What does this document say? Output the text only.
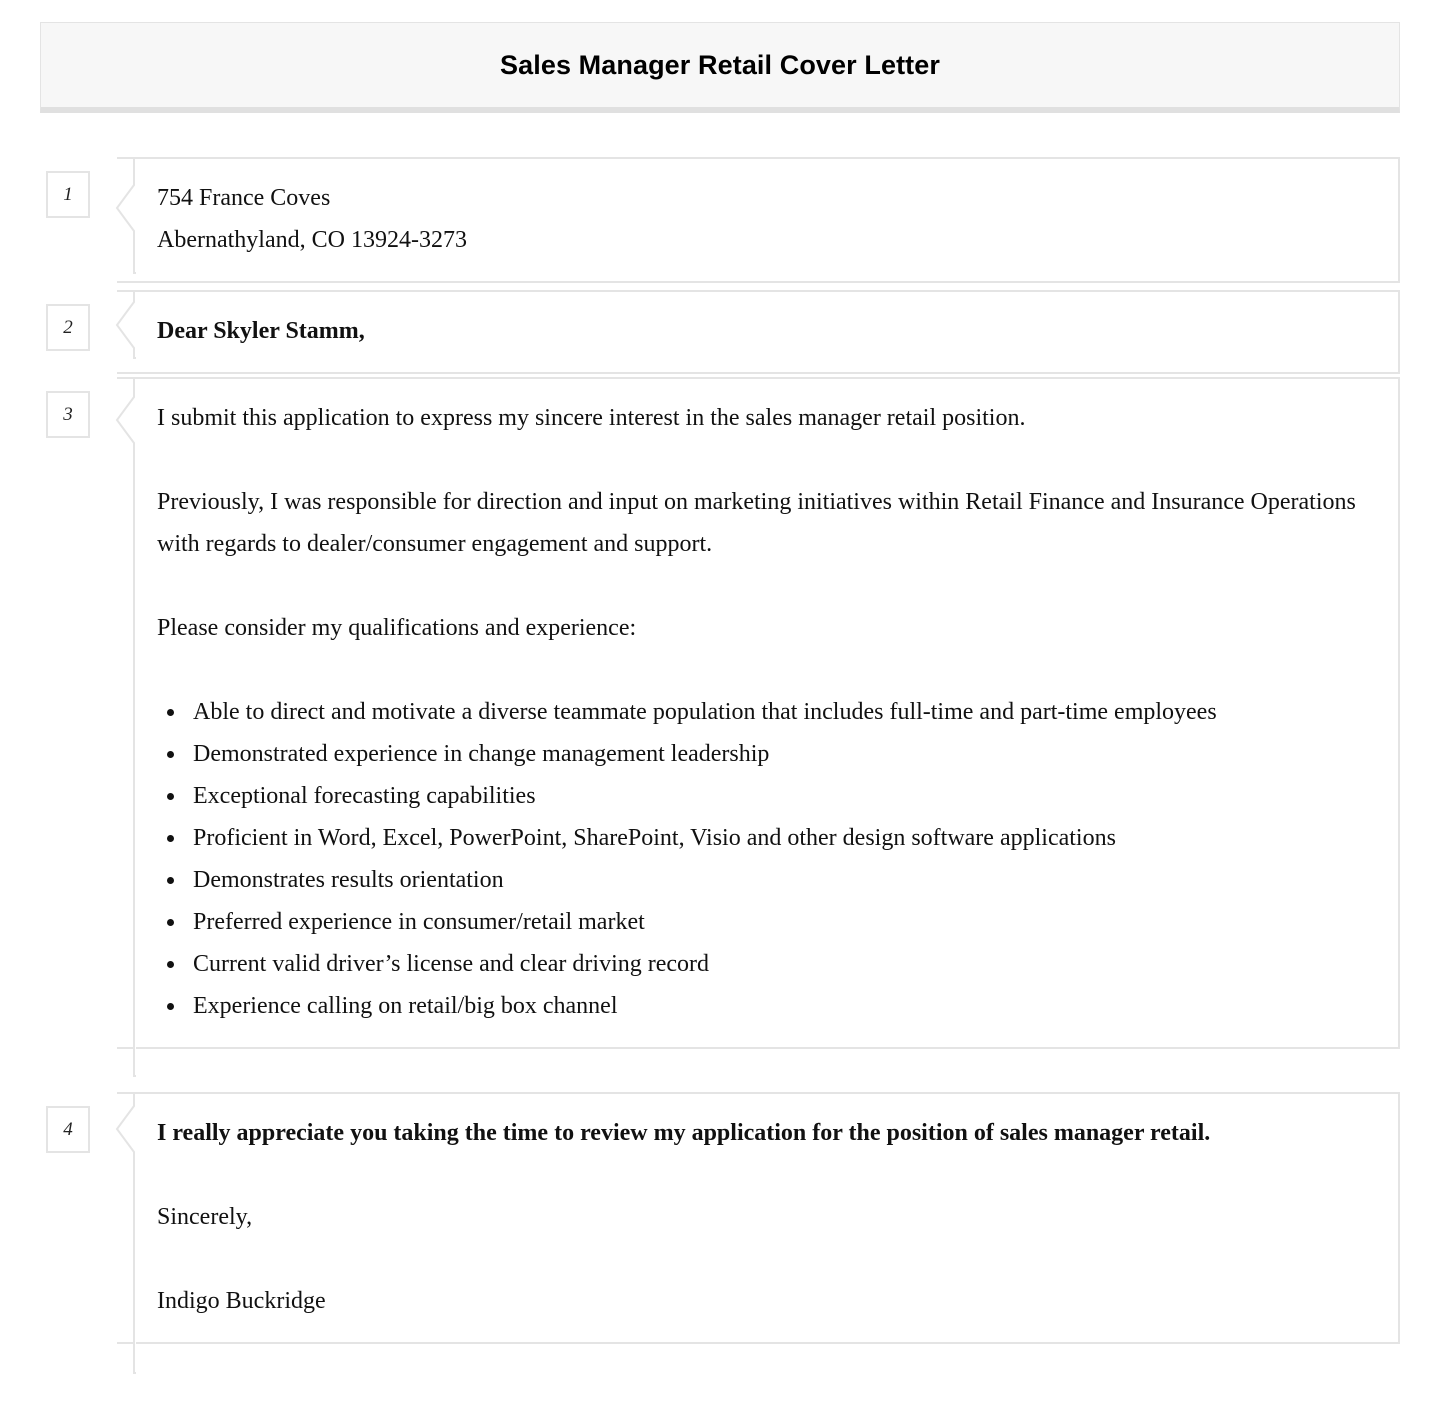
Sales Manager Retail Cover Letter
1	754 France Coves
Abernathyland, CO 13924-3273

2	Dear Skyler Stamm,

3	I submit this application to express my sincere interest in the sales manager retail position.

Previously, I was responsible for direction and input on marketing initiatives within Retail Finance and Insurance Operations with regards to dealer/consumer engagement and support.

Please consider my qualifications and experience:

• Able to direct and motivate a diverse teammate population that includes full-time and part-time employees
• Demonstrated experience in change management leadership
• Exceptional forecasting capabilities
• Proficient in Word, Excel, PowerPoint, SharePoint, Visio and other design software applications
• Demonstrates results orientation
• Preferred experience in consumer/retail market
• Current valid driver’s license and clear driving record
• Experience calling on retail/big box channel
4	I really appreciate you taking the time to review my application for the position of sales manager retail.

Sincerely,

Indigo Buckridge
